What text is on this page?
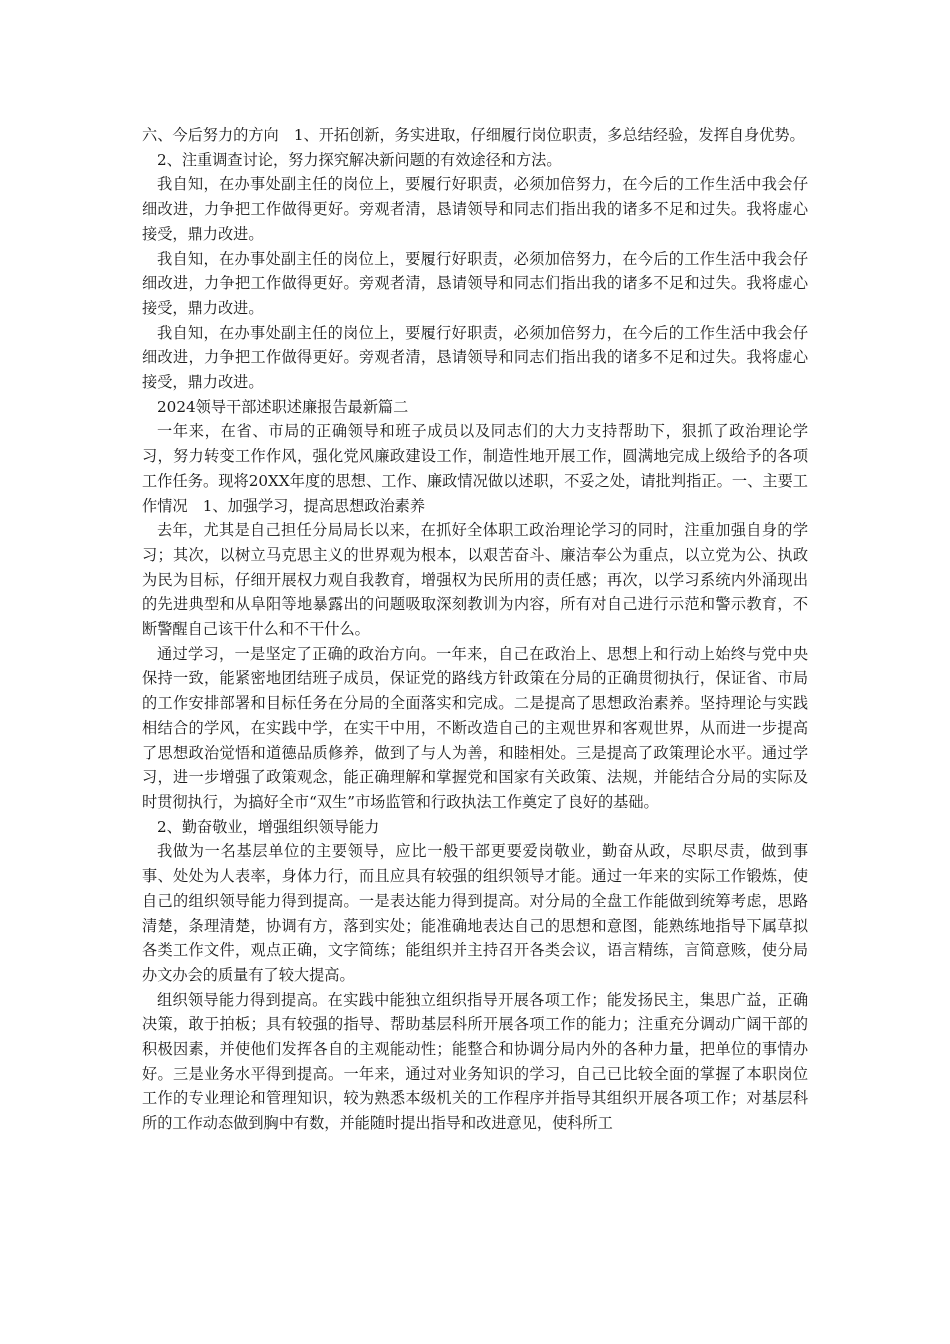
六、今后努力的方向　1、开拓创新，务实进取，仔细履行岗位职责，多总结经验，发挥自身优势。

2、注重调查讨论，努力探究解决新问题的有效途径和方法。

我自知，在办事处副主任的岗位上，要履行好职责，必须加倍努力，在今后的工作生活中我会仔细改进，力争把工作做得更好。旁观者清，恳请领导和同志们指出我的诸多不足和过失。我将虚心接受，鼎力改进。

我自知，在办事处副主任的岗位上，要履行好职责，必须加倍努力，在今后的工作生活中我会仔细改进，力争把工作做得更好。旁观者清，恳请领导和同志们指出我的诸多不足和过失。我将虚心接受，鼎力改进。

我自知，在办事处副主任的岗位上，要履行好职责，必须加倍努力，在今后的工作生活中我会仔细改进，力争把工作做得更好。旁观者清，恳请领导和同志们指出我的诸多不足和过失。我将虚心接受，鼎力改进。

2024领导干部述职述廉报告最新篇二

一年来，在省、市局的正确领导和班子成员以及同志们的大力支持帮助下，狠抓了政治理论学习，努力转变工作作风，强化党风廉政建设工作，制造性地开展工作，圆满地完成上级给予的各项工作任务。现将20XX年度的思想、工作、廉政情况做以述职，不妥之处，请批判指正。一、主要工作情况　1、加强学习，提高思想政治素养

去年，尤其是自己担任分局局长以来，在抓好全体职工政治理论学习的同时，注重加强自身的学习；其次，以树立马克思主义的世界观为根本，以艰苦奋斗、廉洁奉公为重点，以立党为公、执政为民为目标，仔细开展权力观自我教育，增强权为民所用的责任感；再次，以学习系统内外涌现出的先进典型和从阜阳等地暴露出的问题吸取深刻教训为内容，所有对自己进行示范和警示教育，不断警醒自己该干什么和不干什么。

通过学习，一是坚定了正确的政治方向。一年来，自己在政治上、思想上和行动上始终与党中央保持一致，能紧密地团结班子成员，保证党的路线方针政策在分局的正确贯彻执行，保证省、市局的工作安排部署和目标任务在分局的全面落实和完成。二是提高了思想政治素养。坚持理论与实践相结合的学风，在实践中学，在实干中用，不断改造自己的主观世界和客观世界，从而进一步提高了思想政治觉悟和道德品质修养，做到了与人为善，和睦相处。三是提高了政策理论水平。通过学习，进一步增强了政策观念，能正确理解和掌握党和国家有关政策、法规，并能结合分局的实际及时贯彻执行，为搞好全市“双生”市场监管和行政执法工作奠定了良好的基础。

2、勤奋敬业，增强组织领导能力

我做为一名基层单位的主要领导，应比一般干部更要爱岗敬业，勤奋从政，尽职尽责，做到事事、处处为人表率，身体力行，而且应具有较强的组织领导才能。通过一年来的实际工作锻炼，使自己的组织领导能力得到提高。一是表达能力得到提高。对分局的全盘工作能做到统筹考虑，思路清楚，条理清楚，协调有方，落到实处；能准确地表达自己的思想和意图，能熟练地指导下属草拟各类工作文件，观点正确，文字简练；能组织并主持召开各类会议，语言精练，言简意赅，使分局办文办会的质量有了较大提高。

组织领导能力得到提高。在实践中能独立组织指导开展各项工作；能发扬民主，集思广益，正确决策，敢于拍板；具有较强的指导、帮助基层科所开展各项工作的能力；注重充分调动广阔干部的积极因素，并使他们发挥各自的主观能动性；能整合和协调分局内外的各种力量，把单位的事情办好。三是业务水平得到提高。一年来，通过对业务知识的学习，自己已比较全面的掌握了本职岗位工作的专业理论和管理知识，较为熟悉本级机关的工作程序并指导其组织开展各项工作；对基层科所的工作动态做到胸中有数，并能随时提出指导和改进意见，使科所工
